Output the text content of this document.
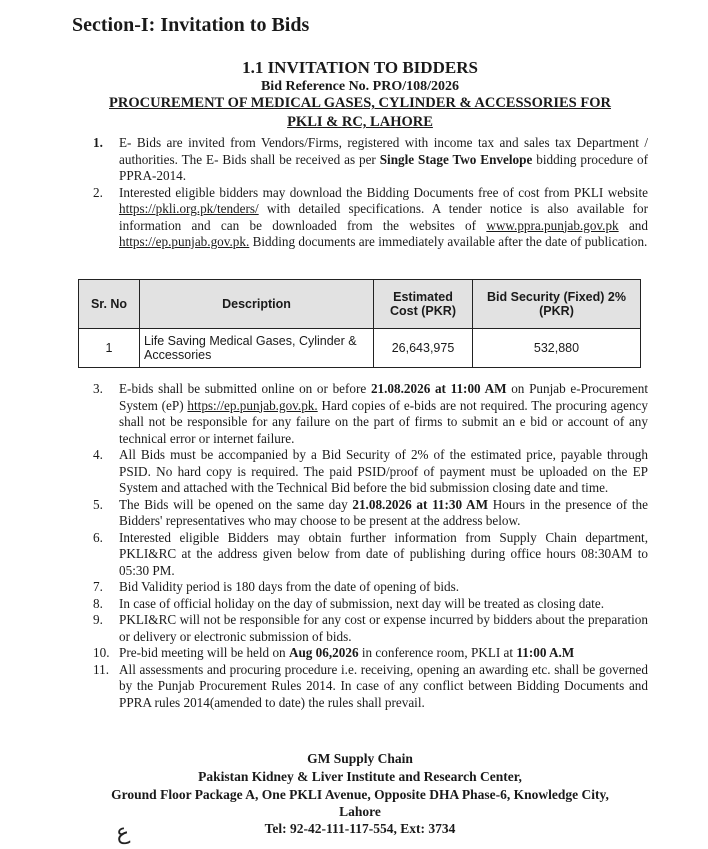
Section-I: Invitation to Bids
1.1 INVITATION TO BIDDERS
Bid Reference No. PRO/108/2026
PROCUREMENT OF MEDICAL GASES, CYLINDER & ACCESSORIES FOR
PKLI & RC, LAHORE
1. E- Bids are invited from Vendors/Firms, registered with income tax and sales tax Department / authorities. The E- Bids shall be received as per Single Stage Two Envelope bidding procedure of PPRA-2014.
2. Interested eligible bidders may download the Bidding Documents free of cost from PKLI website https://pkli.org.pk/tenders/ with detailed specifications. A tender notice is also available for information and can be downloaded from the websites of www.ppra.punjab.gov.pk and https://ep.punjab.gov.pk. Bidding documents are immediately available after the date of publication.
Sr. No	Description	Estimated Cost (PKR)	Bid Security (Fixed) 2% (PKR)
1	Life Saving Medical Gases, Cylinder & Accessories	26,643,975	532,880
3. E-bids shall be submitted online on or before 21.08.2026 at 11:00 AM on Punjab e-Procurement System (eP) https://ep.punjab.gov.pk. Hard copies of e-bids are not required. The procuring agency shall not be responsible for any failure on the part of firms to submit an e bid or account of any technical error or internet failure.
4. All Bids must be accompanied by a Bid Security of 2% of the estimated price, payable through PSID. No hard copy is required. The paid PSID/proof of payment must be uploaded on the EP System and attached with the Technical Bid before the bid submission closing date and time.
5. The Bids will be opened on the same day 21.08.2026 at 11:30 AM Hours in the presence of the Bidders' representatives who may choose to be present at the address below.
6. Interested eligible Bidders may obtain further information from Supply Chain department, PKLI&RC at the address given below from date of publishing during office hours 08:30AM to 05:30 PM.
7. Bid Validity period is 180 days from the date of opening of bids.
8. In case of official holiday on the day of submission, next day will be treated as closing date.
9. PKLI&RC will not be responsible for any cost or expense incurred by bidders about the preparation or delivery or electronic submission of bids.
10. Pre-bid meeting will be held on Aug 06,2026 in conference room, PKLI at 11:00 A.M
11. All assessments and procuring procedure i.e. receiving, opening an awarding etc. shall be governed by the Punjab Procurement Rules 2014. In case of any conflict between Bidding Documents and PPRA rules 2014(amended to date) the rules shall prevail.
GM Supply Chain
Pakistan Kidney & Liver Institute and Research Center,
Ground Floor Package A, One PKLI Avenue, Opposite DHA Phase-6, Knowledge City,
Lahore
Tel: 92-42-111-117-554, Ext: 3734
ﻉ
